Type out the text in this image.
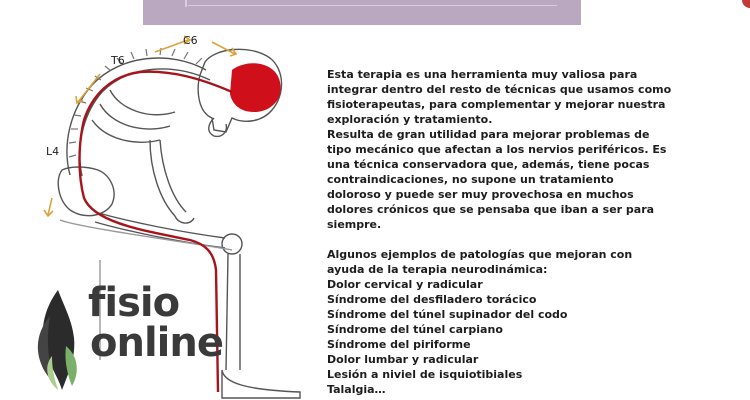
C6
T6
L4

Esta terapia es una herramienta muy valiosa para

integrar dentro del resto de técnicas que usamos como

fisioterapeutas, para complementar y mejorar nuestra

exploración y tratamiento.

Resulta de gran utilidad para mejorar problemas de

tipo mecánico que afectan a los nervios periféricos. Es

una técnica conservadora que, además, tiene pocas

contraindicaciones, no supone un tratamiento

doloroso y puede ser muy provechosa en muchos

dolores crónicos que se pensaba que iban a ser para

siempre.

Algunos ejemplos de patologías que mejoran con

ayuda de la terapia neurodinámica:

Dolor cervical y radicular
Síndrome del desfiladero torácico
Síndrome del túnel supinador del codo
Síndrome del túnel carpiano
Síndrome del piriforme
Dolor lumbar y radicular
Lesión a niviel de isquiotibiales
Talalgia…
fisio
online
